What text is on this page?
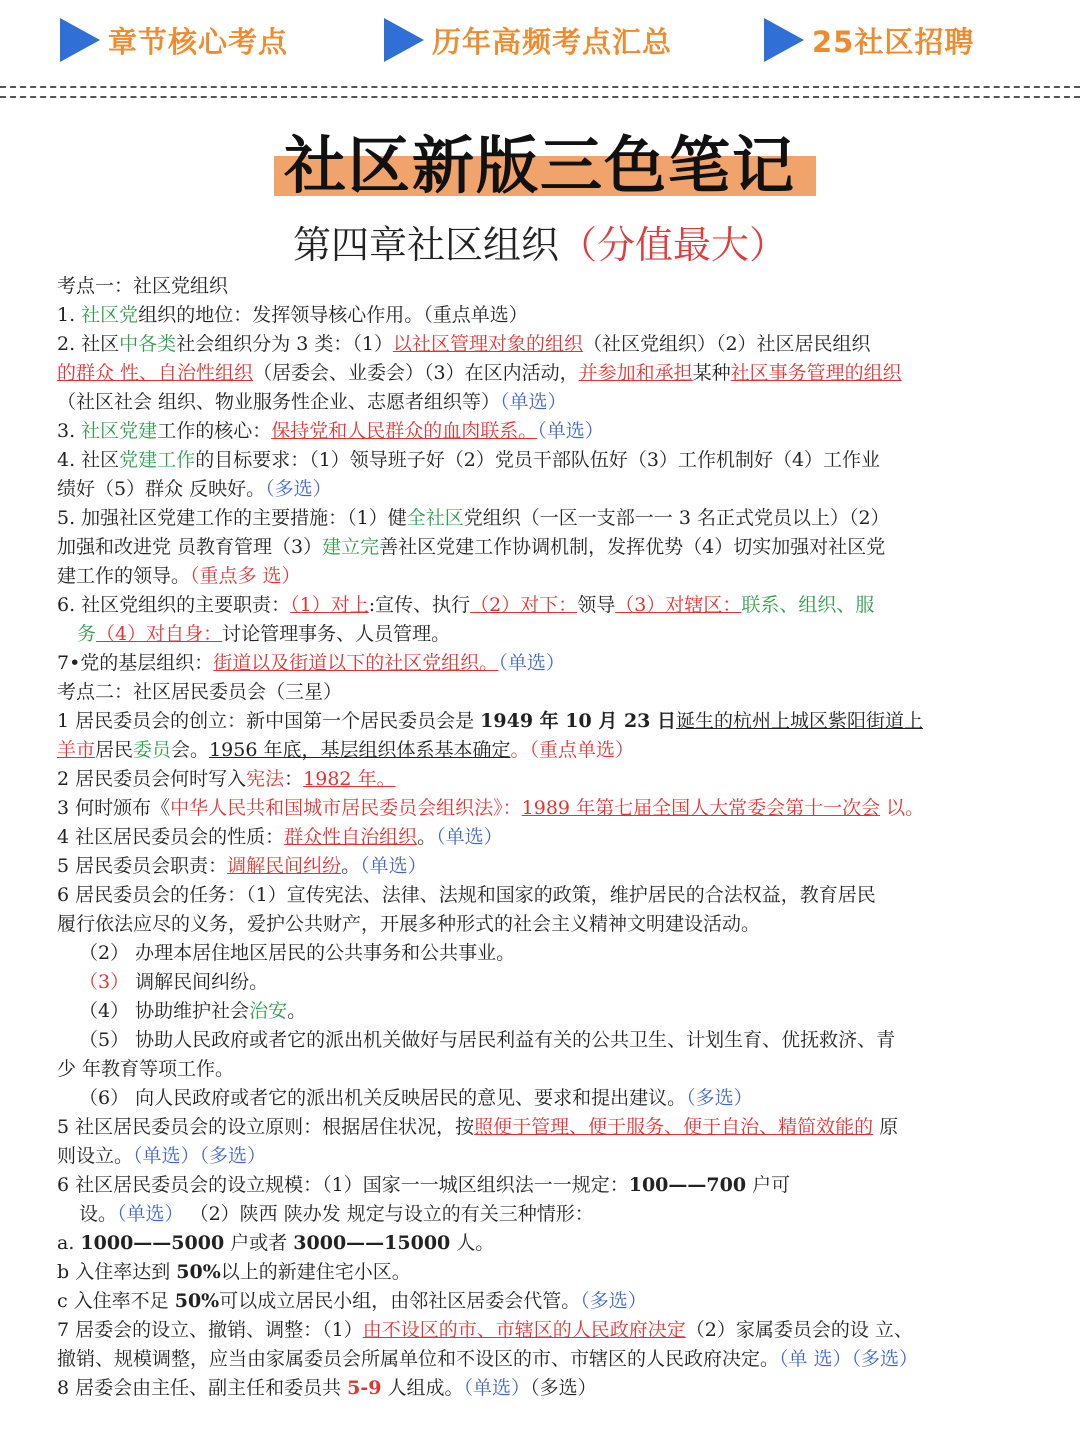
章节核心考点	历年高频考点汇总	25社区招聘
社区新版三色笔记
第四章社区组织（分值最大）

考点一：社区党组织

1. 社区党组织的地位：发挥领导核心作用。（重点单选）

2. 社区中各类社会组织分为 3 类：（1）以社区管理对象的组织（社区党组织）（2）社区居民组织

的群众 性、自治性组织（居委会、业委会）（3）在区内活动，并参加和承担某种社区事务管理的组织

（社区社会 组织、物业服务性企业、志愿者组织等）（单选）

3. 社区党建工作的核心：保持党和人民群众的血肉联系。（单选）

4. 社区党建工作的目标要求：（1）领导班子好（2）党员干部队伍好（3）工作机制好（4）工作业

绩好（5）群众 反映好。（多选）

5. 加强社区党建工作的主要措施：（1）健全社区党组织（一区一支部一一 3 名正式党员以上）（2）

加强和改进党 员教育管理（3）建立完善社区党建工作协调机制，发挥优势（4）切实加强对社区党

建工作的领导。（重点多 选）

6. 社区党组织的主要职责：（1）对上:宣传、执行（2）对下：领导（3）对辖区：联系、组织、服

务（4）对自身：讨论管理事务、人员管理。

7•党的基层组织：街道以及街道以下的社区党组织。（单选）

考点二：社区居民委员会（三星）

1 居民委员会的创立：新中国第一个居民委员会是 1949 年 10 月 23 日诞生的杭州上城区紫阳街道上

羊市居民委员会。1956 年底，基层组织体系基本确定。（重点单选）

2 居民委员会何时写入宪法：1982 年。

3 何时颁布《中华人民共和国城市居民委员会组织法》：1989 年第七届全国人大常委会第十一次会 以。

4 社区居民委员会的性质：群众性自治组织。（单选）

5 居民委员会职责：调解民间纠纷。（单选）

6 居民委员会的任务：（1）宣传宪法、法律、法规和国家的政策，维护居民的合法权益，教育居民

履行依法应尽的义务，爱护公共财产，开展多种形式的社会主义精神文明建设活动。

（2） 办理本居住地区居民的公共事务和公共事业。

（3） 调解民间纠纷。

（4） 协助维护社会治安。

（5） 协助人民政府或者它的派出机关做好与居民利益有关的公共卫生、计划生育、优抚救济、青

少 年教育等项工作。

（6） 向人民政府或者它的派出机关反映居民的意见、要求和提出建议。（多选）

5 社区居民委员会的设立原则：根据居住状况，按照便于管理、便于服务、便于自治、精简效能的 原

则设立。（单选）（多选）

6 社区居民委员会的设立规模：（1）国家一一城区组织法一一规定：100——700 户可

设。（单选） （2）陕西 陕办发 规定与设立的有关三种情形：

a. 1000——5000 户或者 3000——15000 人。

b 入住率达到 50%以上的新建住宅小区。

c 入住率不足 50%可以成立居民小组，由邻社区居委会代管。（多选）

7 居委会的设立、撤销、调整：（1）由不设区的市、市辖区的人民政府决定（2）家属委员会的设 立、

撤销、规模调整，应当由家属委员会所属单位和不设区的市、市辖区的人民政府决定。（单 选）（多选）

8 居委会由主任、副主任和委员共 5-9 人组成。（单选）（多选）
